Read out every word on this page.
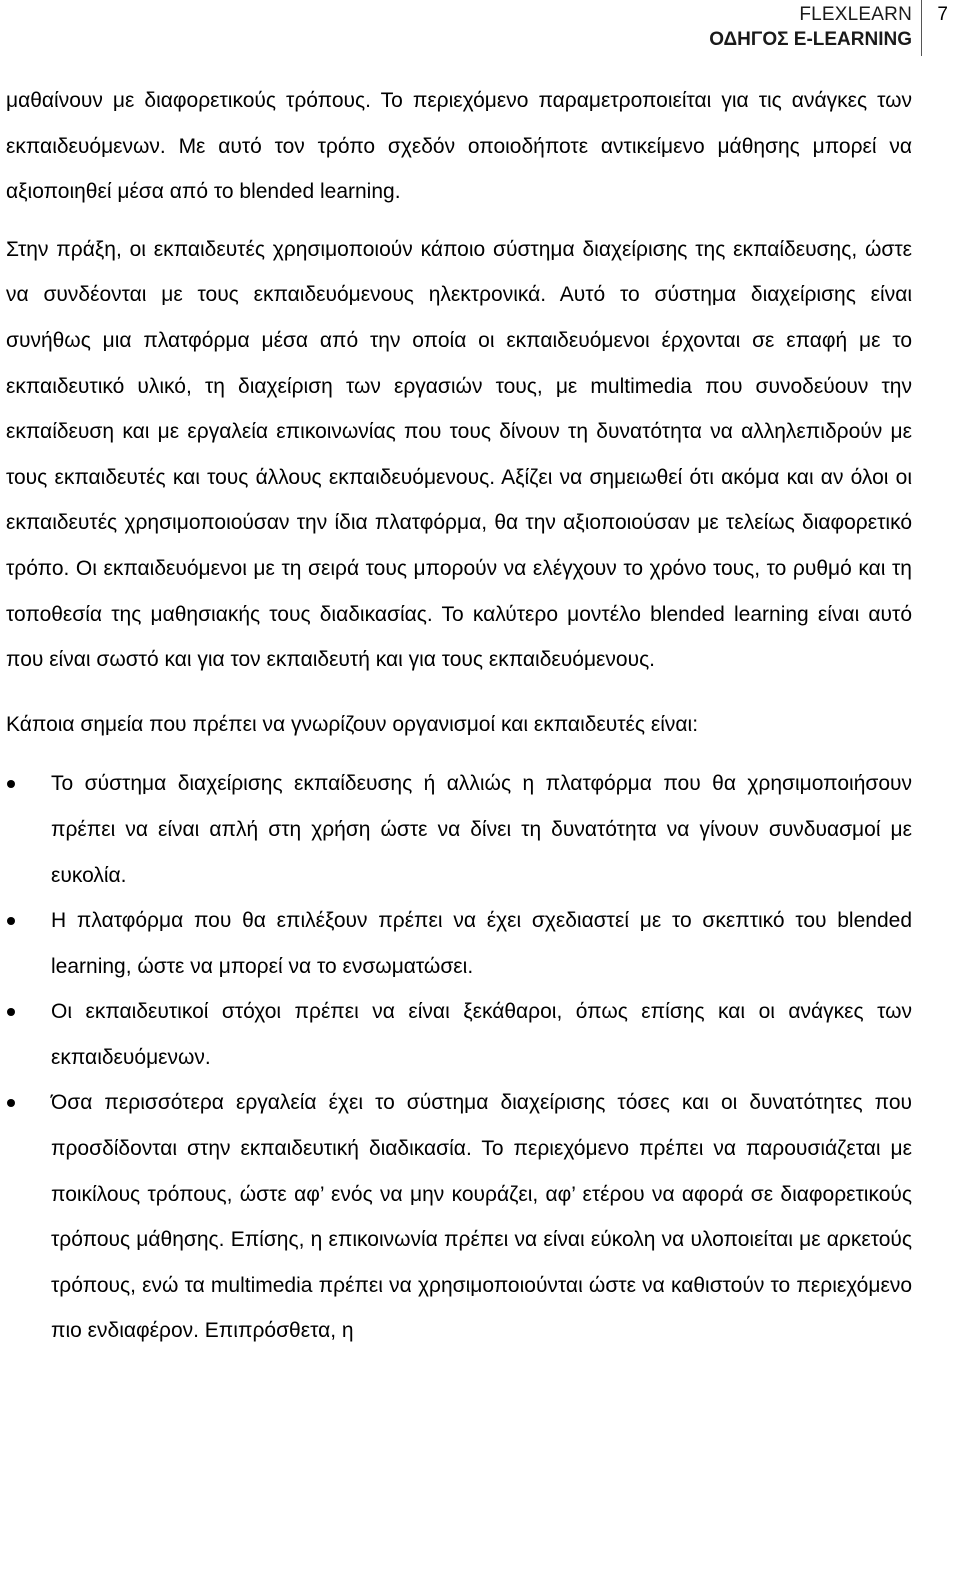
FLEXLEARN
ΟΔΗΓΟΣ E-LEARNING
7

μαθαίνουν με διαφορετικούς τρόπους. Το περιεχόμενο παραμετροποιείται για τις ανάγκες των εκπαιδευόμενων. Με αυτό τον τρόπο σχεδόν οποιοδήποτε αντικείμενο μάθησης μπορεί να αξιοποιηθεί μέσα από το blended learning.

Στην πράξη, οι εκπαιδευτές χρησιμοποιούν κάποιο σύστημα διαχείρισης της εκπαίδευσης, ώστε να συνδέονται με τους εκπαιδευόμενους ηλεκτρονικά. Αυτό το σύστημα διαχείρισης είναι συνήθως μια πλατφόρμα μέσα από την οποία οι εκπαιδευόμενοι έρχονται σε επαφή με το εκπαιδευτικό υλικό, τη διαχείριση των εργασιών τους, με multimedia που συνοδεύουν την εκπαίδευση και με εργαλεία επικοινωνίας που τους δίνουν τη δυνατότητα να αλληλεπιδρούν με τους εκπαιδευτές και τους άλλους εκπαιδευόμενους. Αξίζει να σημειωθεί ότι ακόμα και αν όλοι οι εκπαιδευτές χρησιμοποιούσαν την ίδια πλατφόρμα, θα την αξιοποιούσαν με τελείως διαφορετικό τρόπο. Οι εκπαιδευόμενοι με τη σειρά τους μπορούν να ελέγχουν το χρόνο τους, το ρυθμό και τη τοποθεσία της μαθησιακής τους διαδικασίας. Το καλύτερο μοντέλο blended learning είναι αυτό που είναι σωστό και για τον εκπαιδευτή και για τους εκπαιδευόμενους.

Κάποια σημεία που πρέπει να γνωρίζουν οργανισμοί και εκπαιδευτές είναι:

Το σύστημα διαχείρισης εκπαίδευσης ή αλλιώς η πλατφόρμα που θα χρησιμοποιήσουν πρέπει να είναι απλή στη χρήση ώστε να δίνει τη δυνατότητα να γίνουν συνδυασμοί με ευκολία.
Η πλατφόρμα που θα επιλέξουν πρέπει να έχει σχεδιαστεί με το σκεπτικό του blended learning, ώστε να μπορεί να το ενσωματώσει.
Οι εκπαιδευτικοί στόχοι πρέπει να είναι ξεκάθαροι, όπως επίσης και οι ανάγκες των εκπαιδευόμενων.
Όσα περισσότερα εργαλεία έχει το σύστημα διαχείρισης τόσες και οι δυνατότητες που προσδίδονται στην εκπαιδευτική διαδικασία. Το περιεχόμενο πρέπει να παρουσιάζεται με ποικίλους τρόπους, ώστε αφ’ ενός να μην κουράζει, αφ’ ετέρου να αφορά σε διαφορετικούς τρόπους μάθησης. Επίσης, η επικοινωνία πρέπει να είναι εύκολη να υλοποιείται με αρκετούς τρόπους, ενώ τα multimedia πρέπει να χρησιμοποιούνται ώστε να καθιστούν το περιεχόμενο πιο ενδιαφέρον. Επιπρόσθετα, η
